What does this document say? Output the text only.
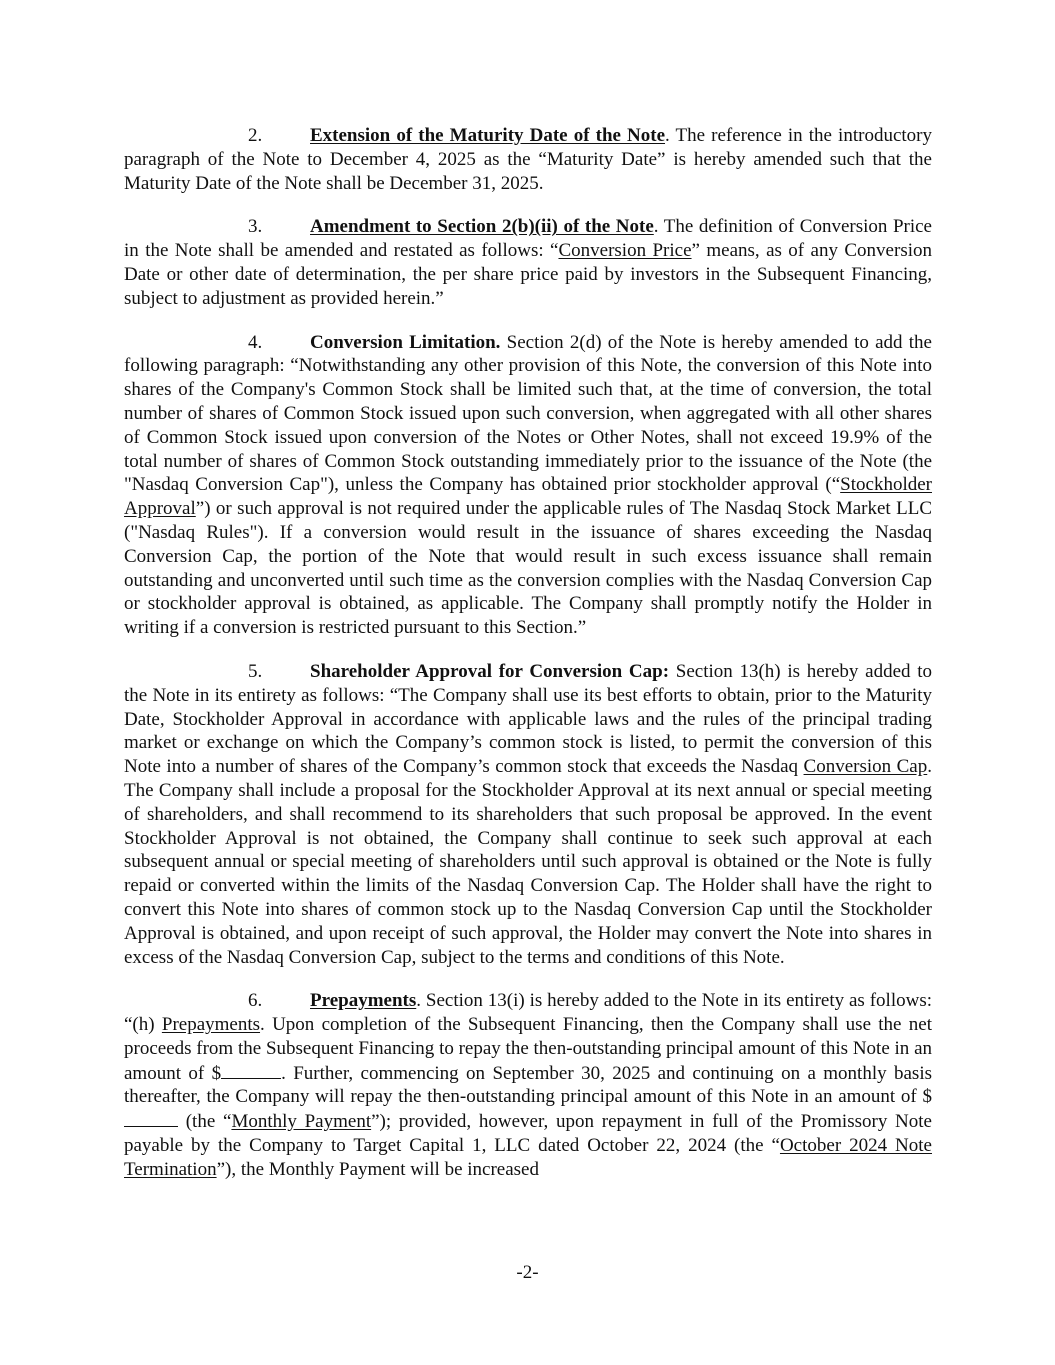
2.	Extension of the Maturity Date of the Note. The reference in the introductory paragraph of the Note to December 4, 2025 as the “Maturity Date” is hereby amended such that the Maturity Date of the Note shall be December 31, 2025.

3.	Amendment to Section 2(b)(ii) of the Note. The definition of Conversion Price in the Note shall be amended and restated as follows: “Conversion Price” means, as of any Conversion Date or other date of determination, the per share price paid by investors in the Subsequent Financing, subject to adjustment as provided herein.”

4.	Conversion Limitation. Section 2(d) of the Note is hereby amended to add the following paragraph: “Notwithstanding any other provision of this Note, the conversion of this Note into shares of the Company's Common Stock shall be limited such that, at the time of conversion, the total number of shares of Common Stock issued upon such conversion, when aggregated with all other shares of Common Stock issued upon conversion of the Notes or Other Notes, shall not exceed 19.9% of the total number of shares of Common Stock outstanding immediately prior to the issuance of the Note (the "Nasdaq Conversion Cap"), unless the Company has obtained prior stockholder approval (“Stockholder Approval”) or such approval is not required under the applicable rules of The Nasdaq Stock Market LLC ("Nasdaq Rules"). If a conversion would result in the issuance of shares exceeding the Nasdaq Conversion Cap, the portion of the Note that would result in such excess issuance shall remain outstanding and unconverted until such time as the conversion complies with the Nasdaq Conversion Cap or stockholder approval is obtained, as applicable. The Company shall promptly notify the Holder in writing if a conversion is restricted pursuant to this Section.”

5.	Shareholder Approval for Conversion Cap: Section 13(h) is hereby added to the Note in its entirety as follows: “The Company shall use its best efforts to obtain, prior to the Maturity Date, Stockholder Approval in accordance with applicable laws and the rules of the principal trading market or exchange on which the Company’s common stock is listed, to permit the conversion of this Note into a number of shares of the Company’s common stock that exceeds the Nasdaq Conversion Cap. The Company shall include a proposal for the Stockholder Approval at its next annual or special meeting of shareholders, and shall recommend to its shareholders that such proposal be approved. In the event Stockholder Approval is not obtained, the Company shall continue to seek such approval at each subsequent annual or special meeting of shareholders until such approval is obtained or the Note is fully repaid or converted within the limits of the Nasdaq Conversion Cap. The Holder shall have the right to convert this Note into shares of common stock up to the Nasdaq Conversion Cap until the Stockholder Approval is obtained, and upon receipt of such approval, the Holder may convert the Note into shares in excess of the Nasdaq Conversion Cap, subject to the terms and conditions of this Note.

6.	Prepayments. Section 13(i) is hereby added to the Note in its entirety as follows: “(h) Prepayments. Upon completion of the Subsequent Financing, then the Company shall use the net proceeds from the Subsequent Financing to repay the then-outstanding principal amount of this Note in an amount of $	. Further, commencing on September 30, 2025 and continuing on a monthly basis thereafter, the Company will repay the then-outstanding principal amount of this Note in an amount of $ (the “Monthly Payment”); provided, however, upon repayment in full of the Promissory Note payable by the Company to Target Capital 1, LLC dated October 22, 2024 (the “October 2024 Note Termination”), the Monthly Payment will be increased

-2-
